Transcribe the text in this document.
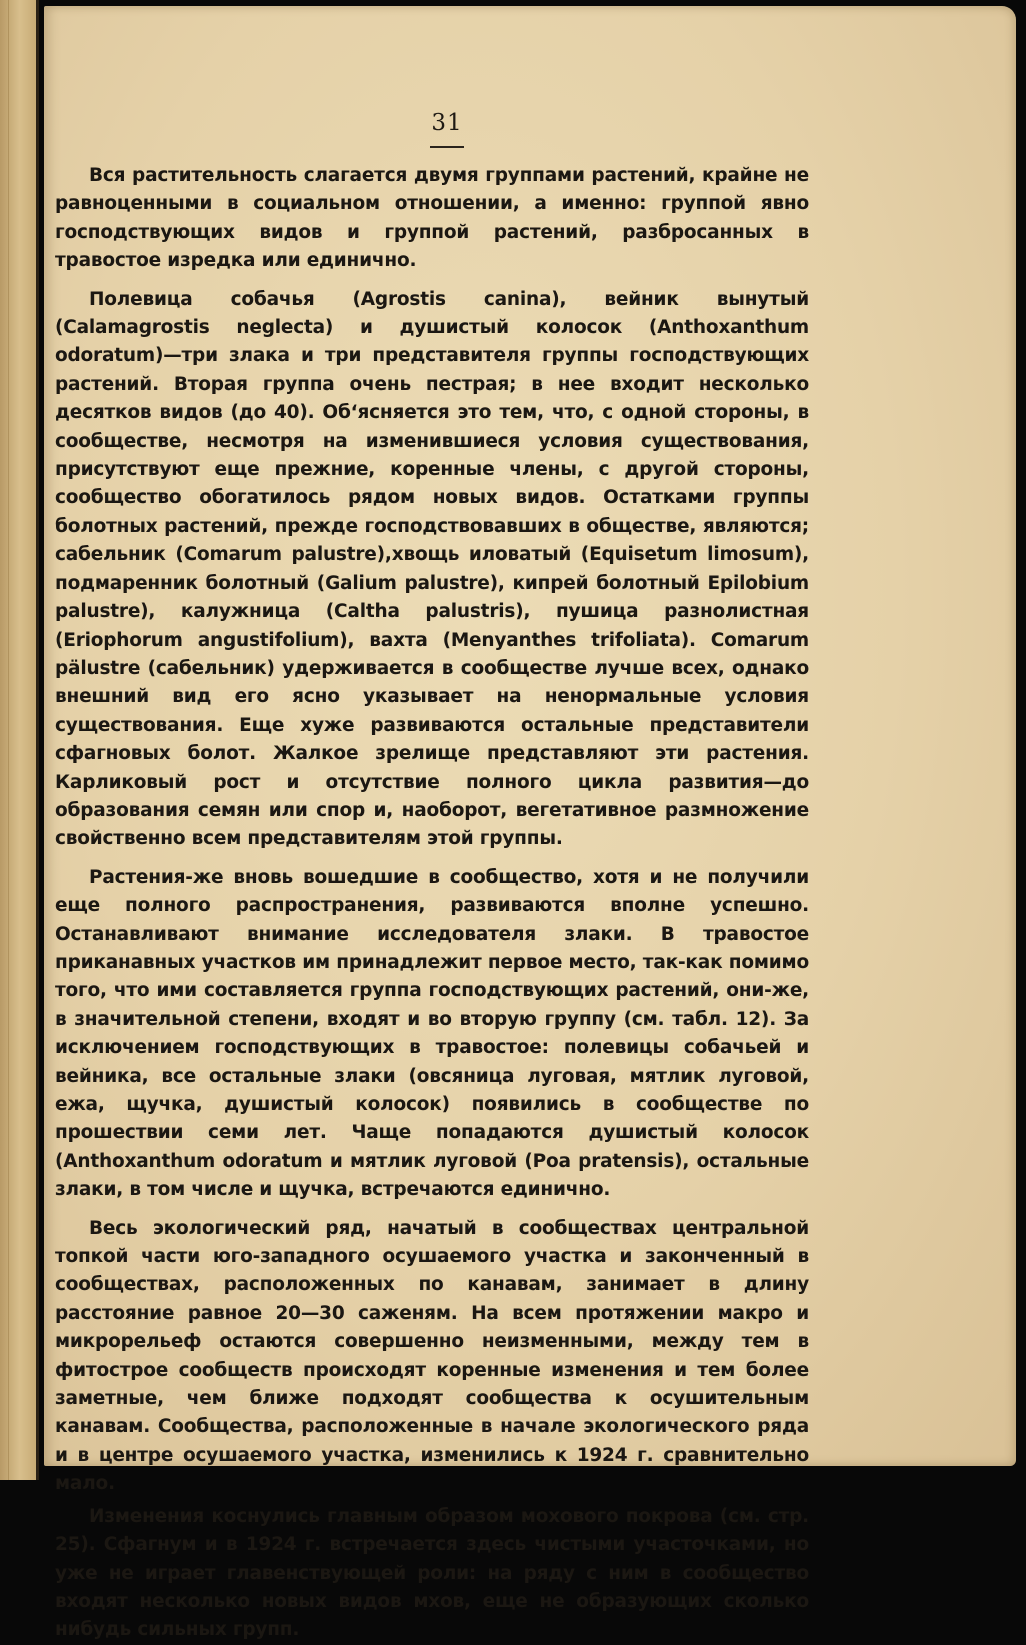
31

Вся растительность слагается двумя группами растений, крайне не равноценными в социальном отношении, а именно: группой явно господствующих видов и группой растений, разбросанных в травостое изредка или единично.

Полевица собачья (Agrostis canina), вейник вынутый (Calamagrostis neglecta) и душистый колосок (Anthoxanthum odoratum)—три злака и три представителя группы господствующих растений. Вторая группа очень пестрая; в нее входит несколько десятков видов (до 40). Об‘ясняется это тем, что, с одной стороны, в сообществе, несмотря на изменившиеся условия существования, присутствуют еще прежние, коренные члены, с другой стороны, сообщество обогатилось рядом новых видов. Остатками группы болотных растений, прежде господствовавших в обществе, являются; сабельник (Comarum palustre),хвощь иловатый (Equisetum limosum), подмаренник болотный (Galium palustre), кипрей болотный Epilobium palustre), калужница (Caltha palustris), пушица разнолистная (Eriophorum angustifolium), вахта (Menyanthes trifoliata). Comarum pälustre (сабельник) удерживается в сообществе лучше всех, однако внешний вид его ясно указывает на ненормальные условия существования. Еще хуже развиваются остальные представители сфагновых болот. Жалкое зрелище представляют эти растения. Карликовый рост и отсутствие полного цикла развития—до образования семян или спор и, наоборот, вегетативное размножение свойственно всем представителям этой группы.

Растения-же вновь вошедшие в сообщество, хотя и не получили еще полного распространения, развиваются вполне успешно. Останавливают внимание исследователя злаки. В травостое приканавных участков им принадлежит первое место, так-как помимо того, что ими составляется группа господствующих растений, они-же, в значительной степени, входят и во вторую группу (см. табл. 12). За исключением господствующих в травостое: полевицы собачьей и вейника, все остальные злаки (овсяница луговая, мятлик луговой, ежа, щучка, душистый колосок) появились в сообществе по прошествии семи лет. Чаще попадаются душистый колосок (Anthoxanthum odoratum и мятлик луговой (Poa pratensis), остальные злаки, в том числе и щучка, встречаются единично.

Весь экологический ряд, начатый в сообществах центральной топкой части юго-западного осушаемого участка и законченный в сообществах, расположенных по канавам, занимает в длину расстояние равное 20—30 сажeням. На всем протяжении макро и микрорельеф остаются совершенно неизменными, между тем в фитострое сообществ происходят коренные изменения и тем более заметные, чем ближе подходят сообщества к осушительным канавам. Сообщества, расположенные в начале экологического ряда и в центре осушаемого участка, изменились к 1924 г. сравнительно мало.

Изменения коснулись главным образом мохового покрова (см. стр. 25). Сфагнум и в 1924 г. встречается здесь чистыми участочками, но уже не играет главенствующей роли: на ряду с ним в сообщество входят несколько новых видов мхов, еще не образующих сколько нибудь сильных групп.
